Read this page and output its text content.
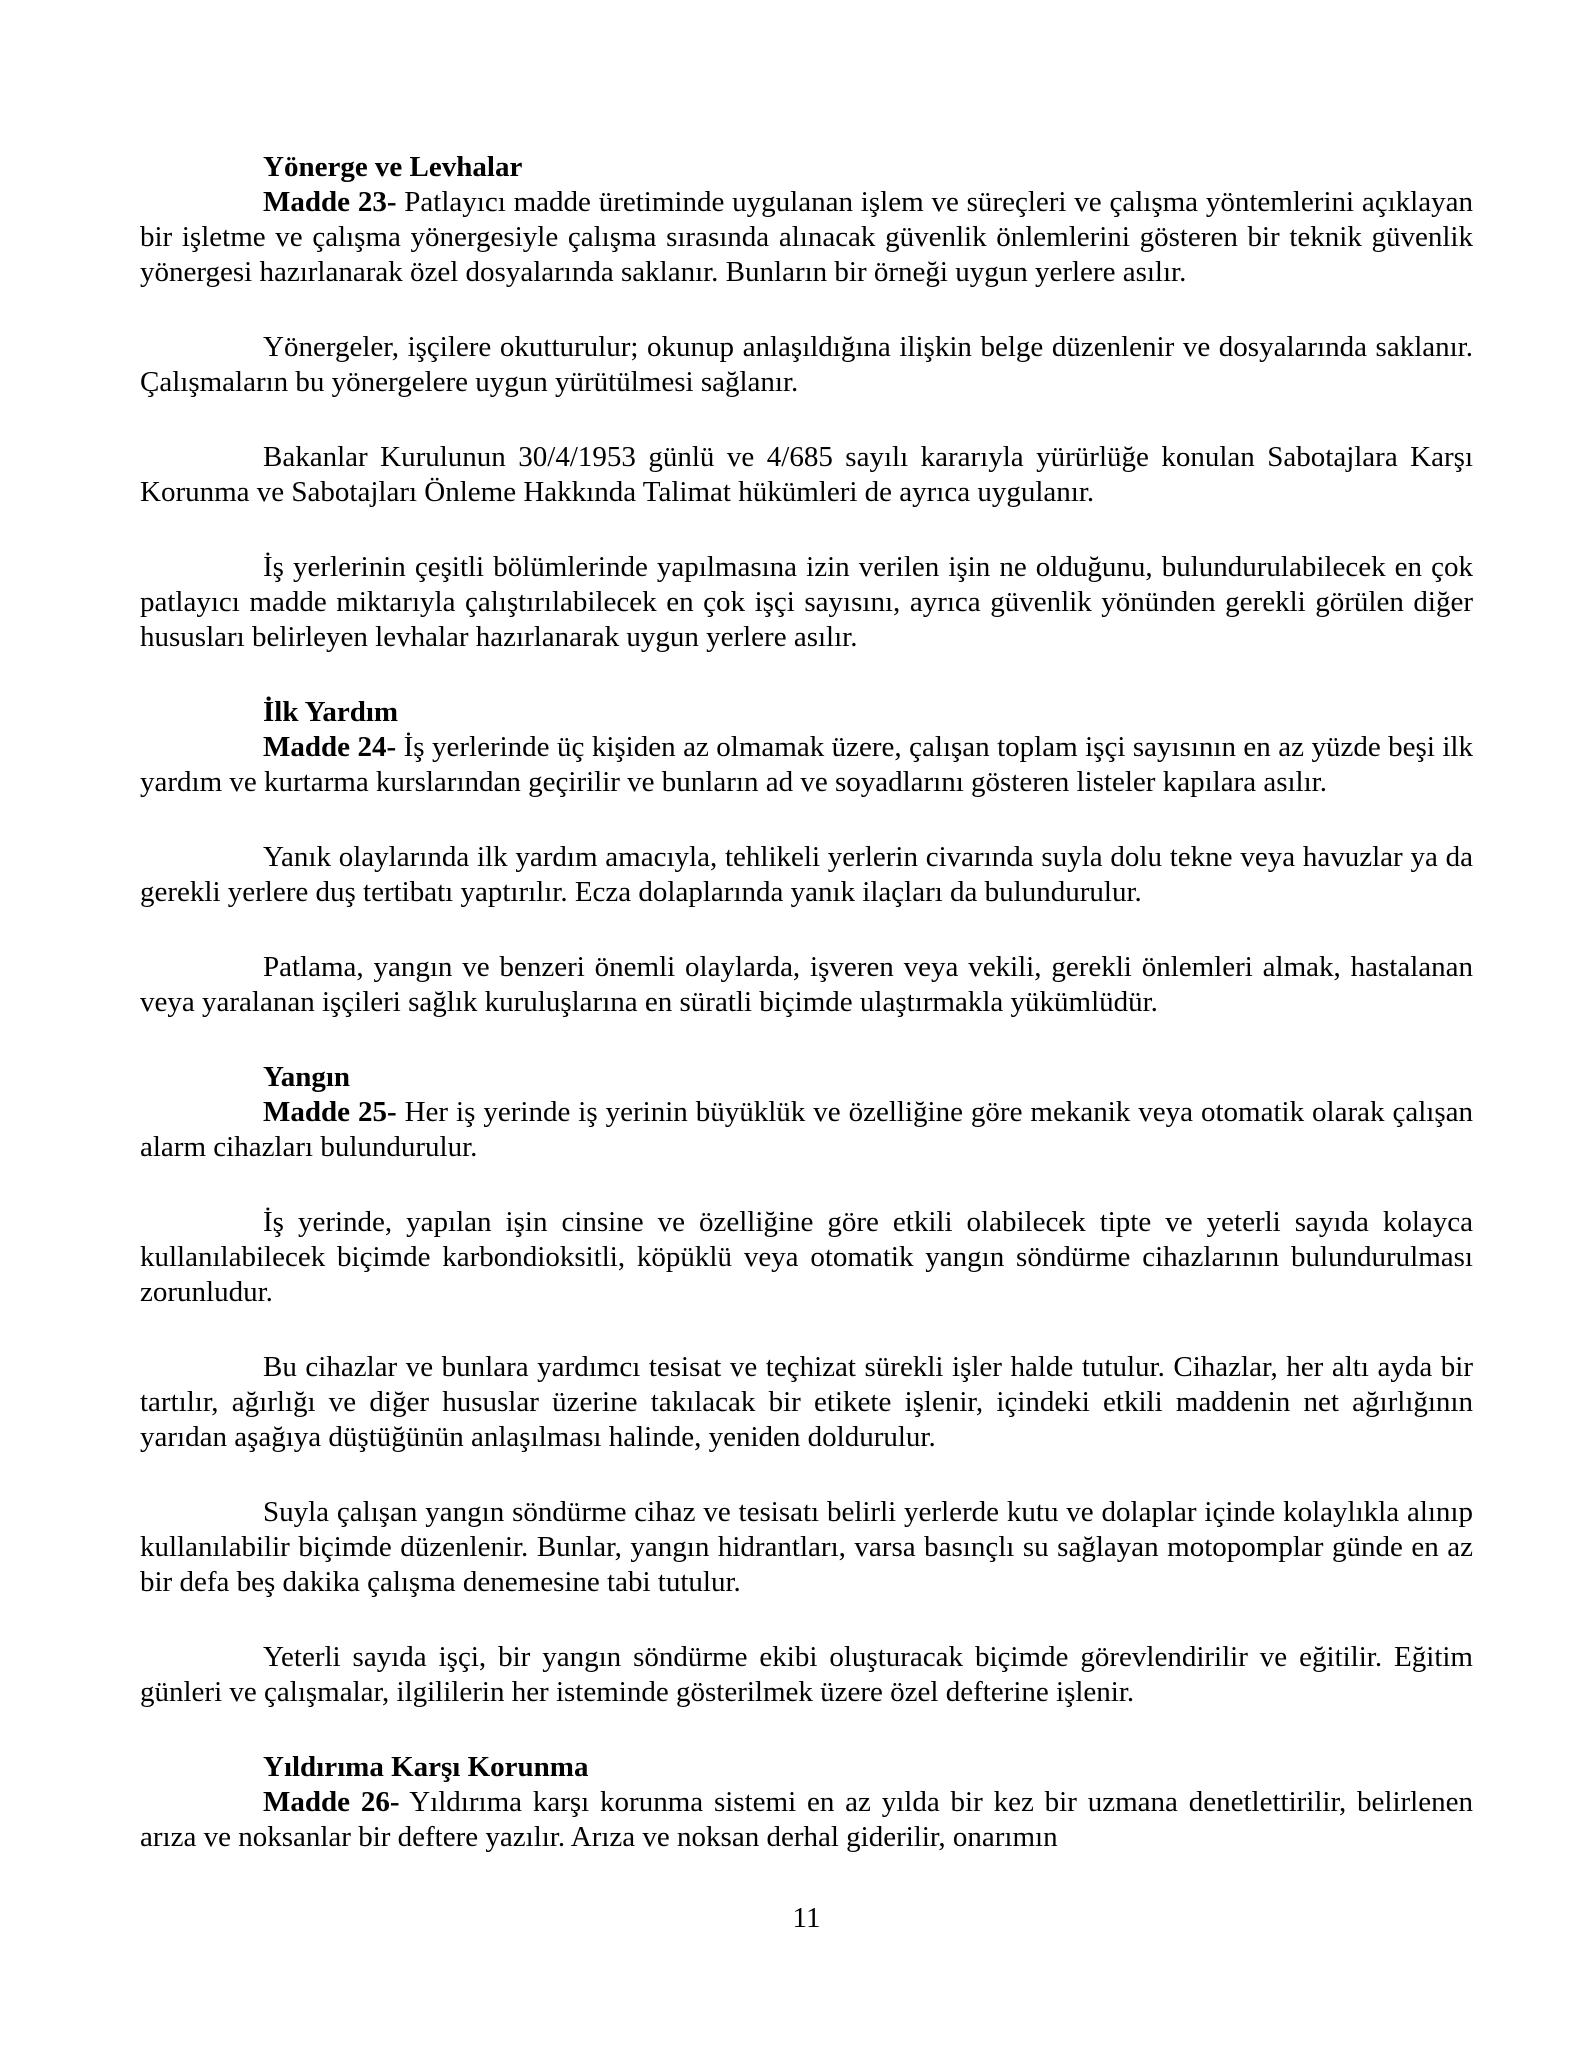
Yönerge ve Levhalar

Madde 23- Patlayıcı madde üretiminde uygulanan işlem ve süreçleri ve çalışma yöntemlerini açıklayan bir işletme ve çalışma yönergesiyle çalışma sırasında alınacak güvenlik önlemlerini gösteren bir teknik güvenlik yönergesi hazırlanarak özel dosyalarında saklanır. Bunların bir örneği uygun yerlere asılır.

Yönergeler, işçilere okutturulur; okunup anlaşıldığına ilişkin belge düzenlenir ve dosyalarında saklanır. Çalışmaların bu yönergelere uygun yürütülmesi sağlanır.

Bakanlar Kurulunun 30/4/1953 günlü ve 4/685 sayılı kararıyla yürürlüğe konulan Sabotajlara Karşı Korunma ve Sabotajları Önleme Hakkında Talimat hükümleri de ayrıca uygulanır.

İş yerlerinin çeşitli bölümlerinde yapılmasına izin verilen işin ne olduğunu, bulundurulabilecek en çok patlayıcı madde miktarıyla çalıştırılabilecek en çok işçi sayısını, ayrıca güvenlik yönünden gerekli görülen diğer hususları belirleyen levhalar hazırlanarak uygun yerlere asılır.

İlk Yardım

Madde 24- İş yerlerinde üç kişiden az olmamak üzere, çalışan toplam işçi sayısının en az yüzde beşi ilk yardım ve kurtarma kurslarından geçirilir ve bunların ad ve soyadlarını gösteren listeler kapılara asılır.

Yanık olaylarında ilk yardım amacıyla, tehlikeli yerlerin civarında suyla dolu tekne veya havuzlar ya da gerekli yerlere duş tertibatı yaptırılır. Ecza dolaplarında yanık ilaçları da bulundurulur.

Patlama, yangın ve benzeri önemli olaylarda, işveren veya vekili, gerekli önlemleri almak, hastalanan veya yaralanan işçileri sağlık kuruluşlarına en süratli biçimde ulaştırmakla yükümlüdür.

Yangın

Madde 25- Her iş yerinde iş yerinin büyüklük ve özelliğine göre mekanik veya otomatik olarak çalışan alarm cihazları bulundurulur.

İş yerinde, yapılan işin cinsine ve özelliğine göre etkili olabilecek tipte ve yeterli sayıda kolayca kullanılabilecek biçimde karbondioksitli, köpüklü veya otomatik yangın söndürme cihazlarının bulundurulması zorunludur.

Bu cihazlar ve bunlara yardımcı tesisat ve teçhizat sürekli işler halde tutulur. Cihazlar, her altı ayda bir tartılır, ağırlığı ve diğer hususlar üzerine takılacak bir etikete işlenir, içindeki etkili maddenin net ağırlığının yarıdan aşağıya düştüğünün anlaşılması halinde, yeniden doldurulur.

Suyla çalışan yangın söndürme cihaz ve tesisatı belirli yerlerde kutu ve dolaplar içinde kolaylıkla alınıp kullanılabilir biçimde düzenlenir. Bunlar, yangın hidrantları, varsa basınçlı su sağlayan motopomplar günde en az bir defa beş dakika çalışma denemesine tabi tutulur.

Yeterli sayıda işçi, bir yangın söndürme ekibi oluşturacak biçimde görevlendirilir ve eğitilir. Eğitim günleri ve çalışmalar, ilgililerin her isteminde gösterilmek üzere özel defterine işlenir.

Yıldırıma Karşı Korunma

Madde 26- Yıldırıma karşı korunma sistemi en az yılda bir kez bir uzmana denetlettirilir, belirlenen arıza ve noksanlar bir deftere yazılır. Arıza ve noksan derhal giderilir, onarımın

11
